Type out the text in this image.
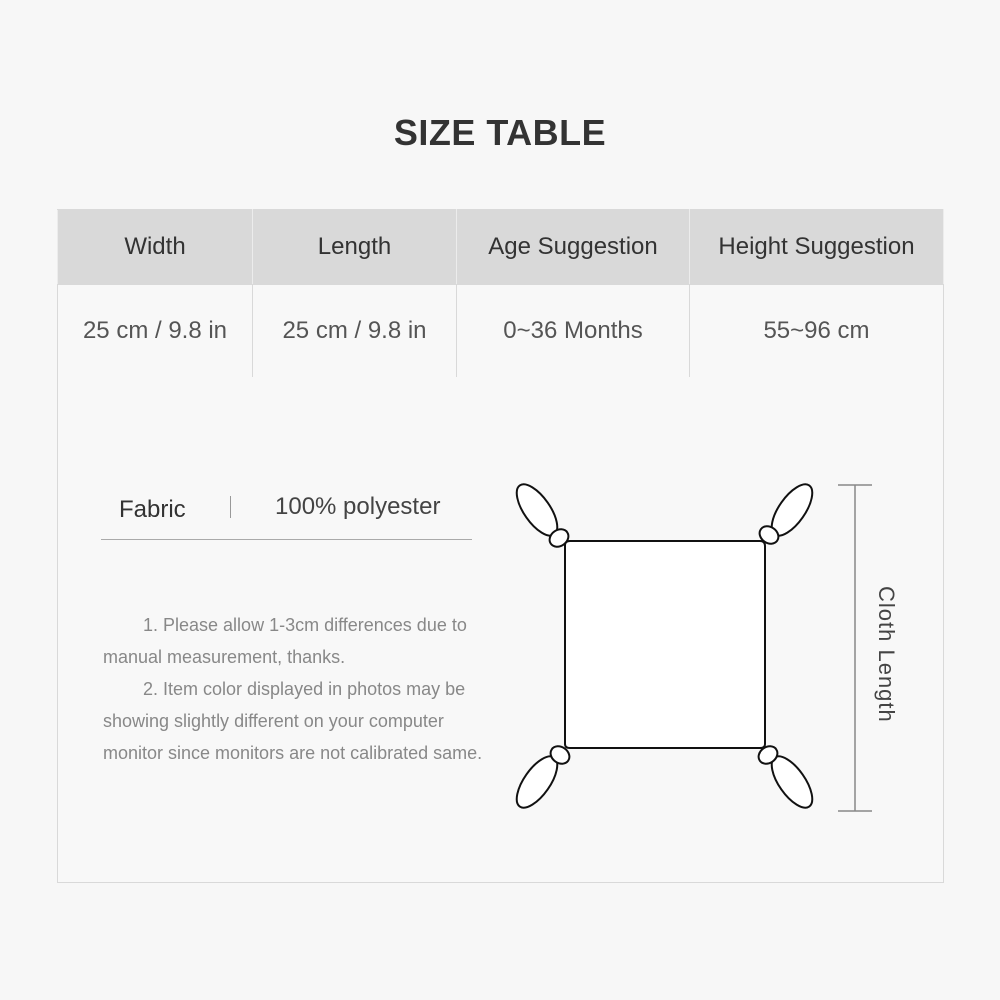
SIZE TABLE
Width	Length	Age Suggestion	Height Suggestion
25 cm / 9.8 in	25 cm / 9.8 in	0~36 Months	55~96 cm
Fabric	100% polyester

1. Please allow 1-3cm differences due to manual measurement, thanks.

2. Item color displayed in photos may be showing slightly different on your computer monitor since monitors are not calibrated same.

Cloth Length
